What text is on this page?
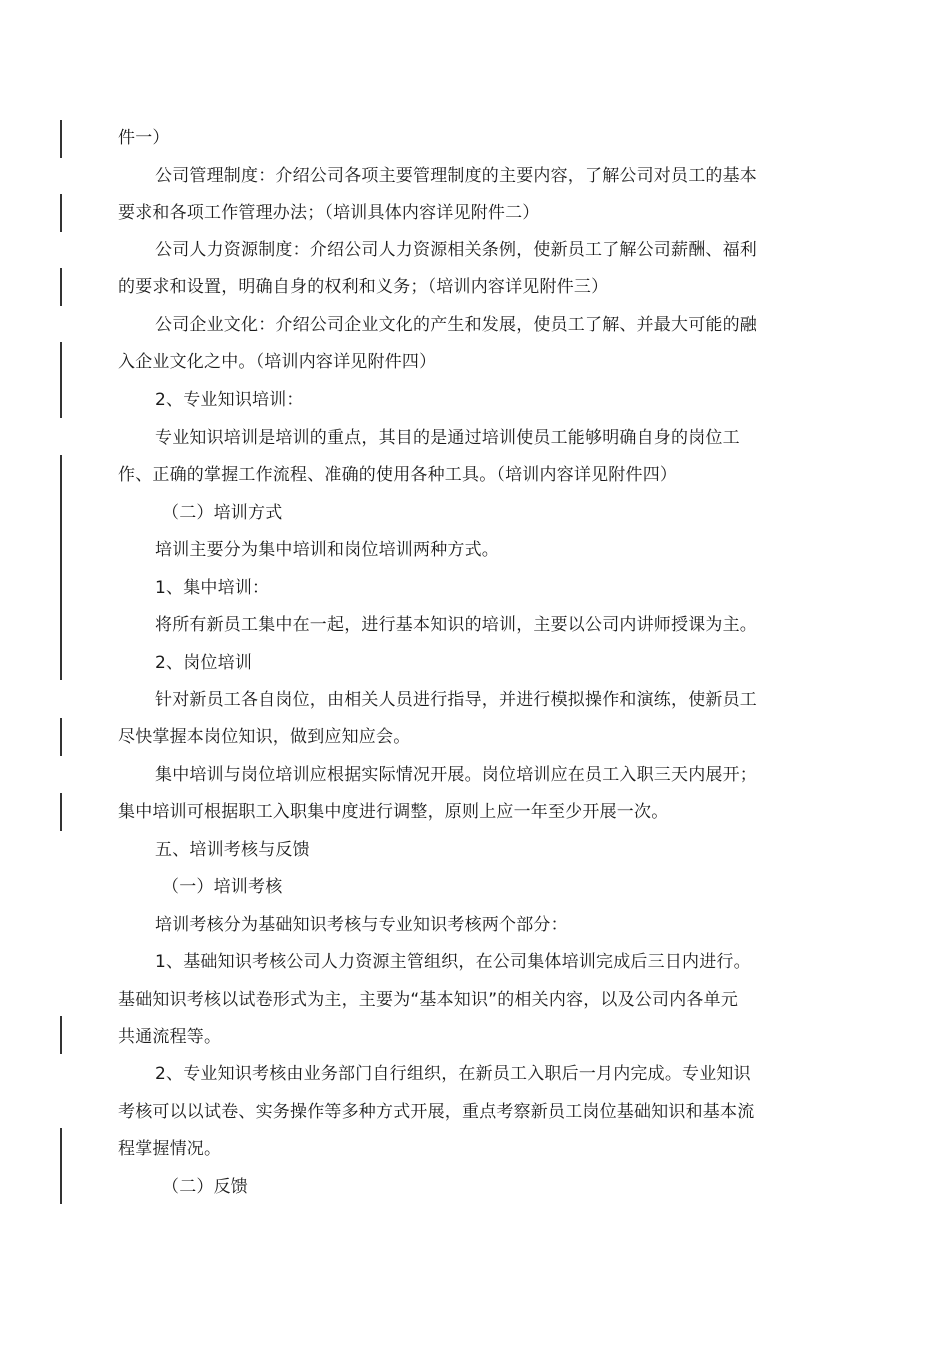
件一）
公司管理制度：介绍公司各项主要管理制度的主要内容，了解公司对员工的基本
要求和各项工作管理办法；（培训具体内容详见附件二）
公司人力资源制度：介绍公司人力资源相关条例，使新员工了解公司薪酬、福利
的要求和设置，明确自身的权利和义务；（培训内容详见附件三）
公司企业文化：介绍公司企业文化的产生和发展，使员工了解、并最大可能的融
入企业文化之中。（培训内容详见附件四）
2、专业知识培训：
专业知识培训是培训的重点，其目的是通过培训使员工能够明确自身的岗位工
作、正确的掌握工作流程、准确的使用各种工具。（培训内容详见附件四）
（二）培训方式
培训主要分为集中培训和岗位培训两种方式。
1、集中培训：
将所有新员工集中在一起，进行基本知识的培训，主要以公司内讲师授课为主。
2、岗位培训
针对新员工各自岗位，由相关人员进行指导，并进行模拟操作和演练，使新员工
尽快掌握本岗位知识，做到应知应会。
集中培训与岗位培训应根据实际情况开展。岗位培训应在员工入职三天内展开；
集中培训可根据职工入职集中度进行调整，原则上应一年至少开展一次。
五、培训考核与反馈
（一）培训考核
培训考核分为基础知识考核与专业知识考核两个部分：
1、基础知识考核公司人力资源主管组织，在公司集体培训完成后三日内进行。
基础知识考核以试卷形式为主，主要为“基本知识”的相关内容，以及公司内各单元
共通流程等。
2、专业知识考核由业务部门自行组织，在新员工入职后一月内完成。专业知识
考核可以以试卷、实务操作等多种方式开展，重点考察新员工岗位基础知识和基本流
程掌握情况。
（二）反馈
